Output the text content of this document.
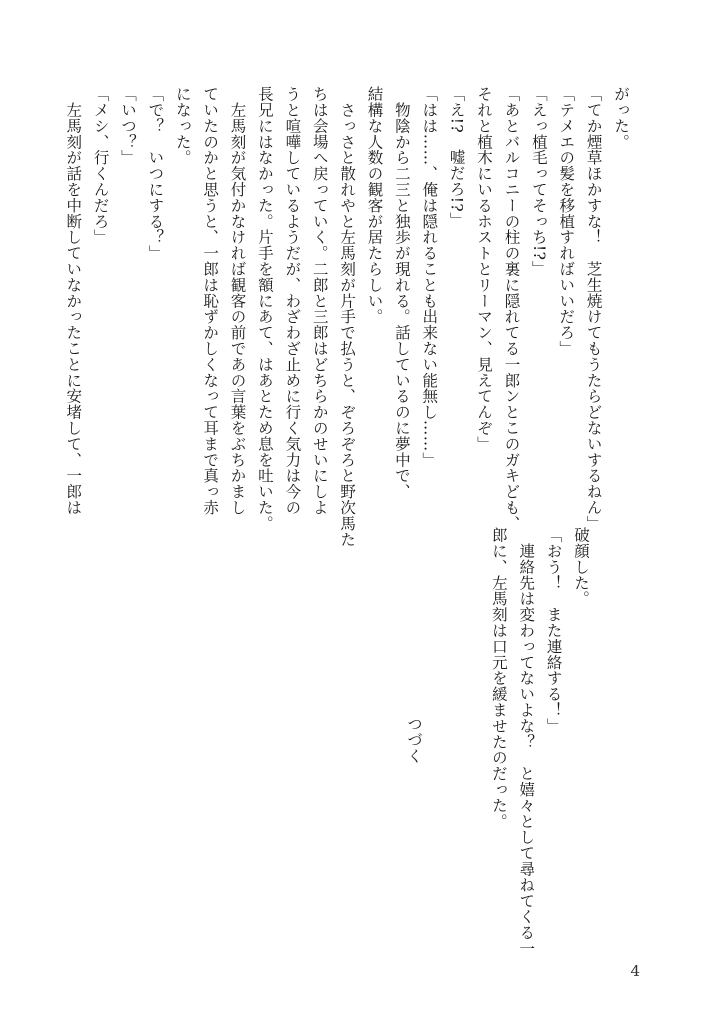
がった。

「てか煙草ほかすな！　芝生焼けてもうたらどないするねん」

「テメエの髪を移植すればいいだろ」

「えっ植毛ってそっち!?」

「あとバルコニーの柱の裏に隠れてる一郎ンとこのガキども、

それと植木にいるホストとリーマン、見えてんぞ」

「え!?　嘘だろ!?」

「はは……、俺は隠れることも出来ない能無し……」

　物陰から二三と独歩が現れる。話しているのに夢中で、

結構な人数の観客が居たらしい。

　さっさと散れやと左馬刻が片手で払うと、ぞろぞろと野次馬た

ちは会場へ戻っていく。二郎と三郎はどちらかのせいにしよ

うと喧嘩しているようだが、わざわざ止めに行く気力は今の

長兄にはなかった。片手を額にあて、はあとため息を吐いた。

　左馬刻が気付かなければ観客の前であの言葉をぶちかまし

ていたのかと思うと、一郎は恥ずかしくなって耳まで真っ赤

になった。

「で？　いつにする？」

「いつ？」

「メシ、行くんだろ」

　左馬刻が話を中断していなかったことに安堵して、一郎は

破顔した。

「おう！　また連絡する！」

　連絡先は変わってないよな？　と嬉々として尋ねてくる一

郎に、左馬刻は口元を緩ませたのだった。

つづく
4
